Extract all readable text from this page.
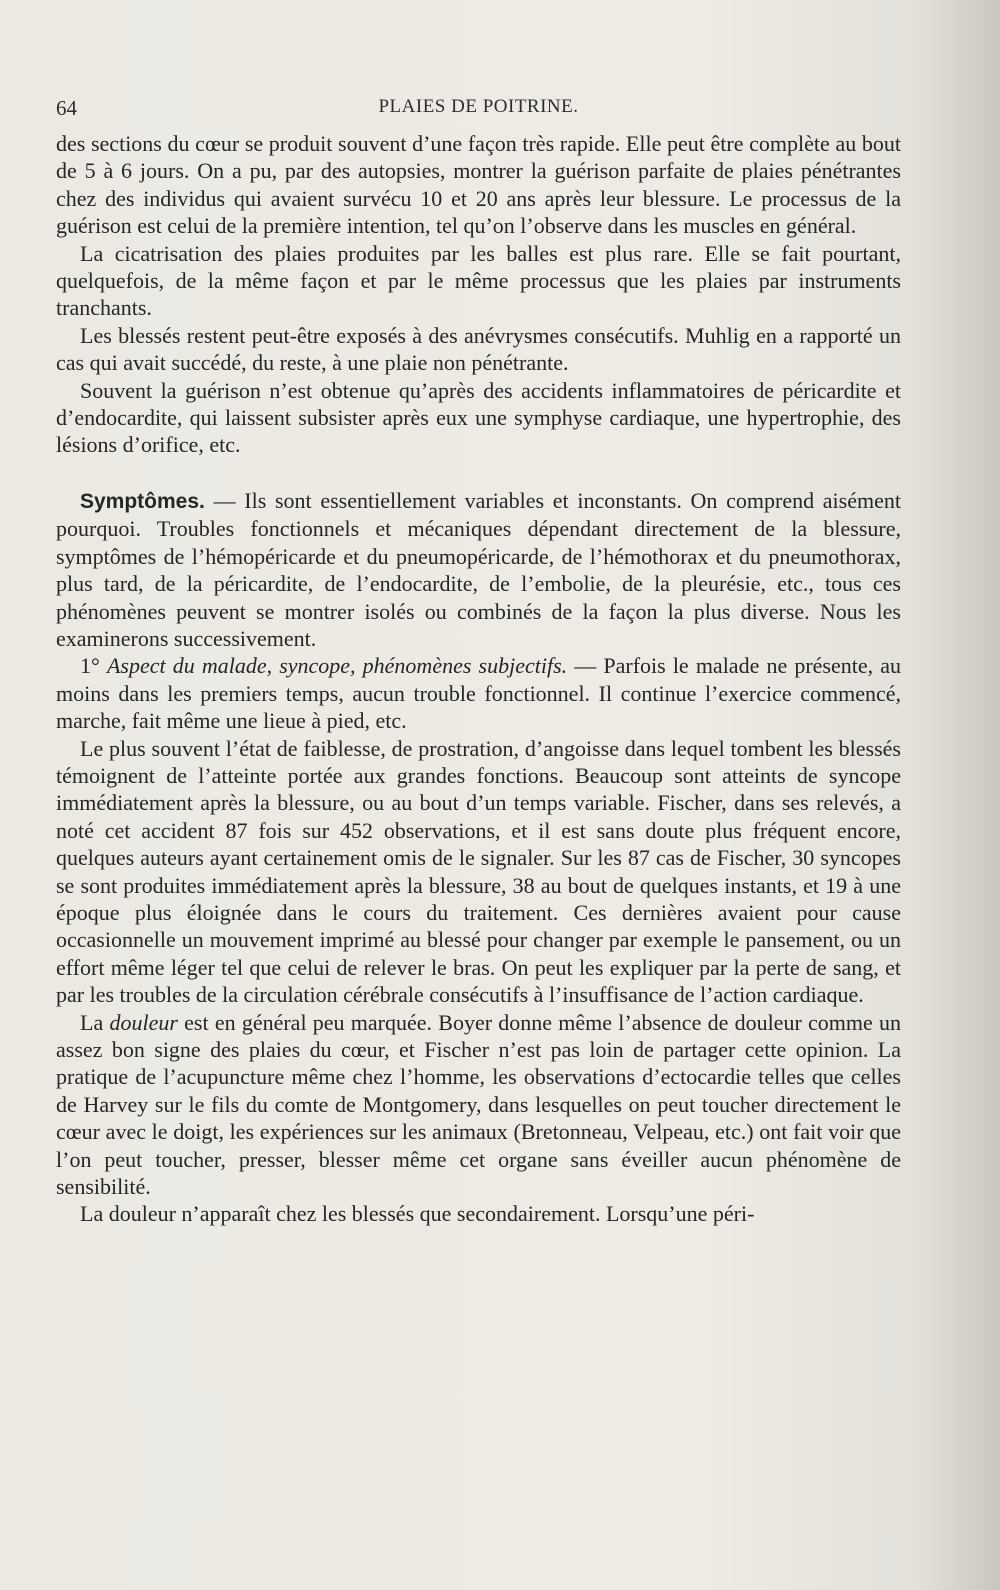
64	PLAIES DE POITRINE.

des sections du cœur se produit souvent d’une façon très rapide. Elle peut être complète au bout de 5 à 6 jours. On a pu, par des autopsies, montrer la guérison parfaite de plaies pénétrantes chez des individus qui avaient survécu 10 et 20 ans après leur blessure. Le processus de la guérison est celui de la première intention, tel qu’on l’observe dans les muscles en général.

La cicatrisation des plaies produites par les balles est plus rare. Elle se fait pourtant, quelquefois, de la même façon et par le même processus que les plaies par instruments tranchants.

Les blessés restent peut-être exposés à des anévrysmes consécutifs. Muhlig en a rapporté un cas qui avait succédé, du reste, à une plaie non pénétrante.

Souvent la guérison n’est obtenue qu’après des accidents inflammatoires de péricardite et d’endocardite, qui laissent subsister après eux une symphyse cardiaque, une hypertrophie, des lésions d’orifice, etc.

Symptômes. — Ils sont essentiellement variables et inconstants. On comprend aisément pourquoi. Troubles fonctionnels et mécaniques dépendant directement de la blessure, symptômes de l’hémopéricarde et du pneumopéricarde, de l’hémothorax et du pneumothorax, plus tard, de la péricardite, de l’endocardite, de l’embolie, de la pleurésie, etc., tous ces phénomènes peuvent se montrer isolés ou combinés de la façon la plus diverse. Nous les examinerons successivement.

1° Aspect du malade, syncope, phénomènes subjectifs. — Parfois le malade ne présente, au moins dans les premiers temps, aucun trouble fonctionnel. Il continue l’exercice commencé, marche, fait même une lieue à pied, etc.

Le plus souvent l’état de faiblesse, de prostration, d’angoisse dans lequel tombent les blessés témoignent de l’atteinte portée aux grandes fonctions. Beaucoup sont atteints de syncope immédiatement après la blessure, ou au bout d’un temps variable. Fischer, dans ses relevés, a noté cet accident 87 fois sur 452 observations, et il est sans doute plus fréquent encore, quelques auteurs ayant certainement omis de le signaler. Sur les 87 cas de Fischer, 30 syncopes se sont produites immédiatement après la blessure, 38 au bout de quelques instants, et 19 à une époque plus éloignée dans le cours du traitement. Ces dernières avaient pour cause occasionnelle un mouvement imprimé au blessé pour changer par exemple le pansement, ou un effort même léger tel que celui de relever le bras. On peut les expliquer par la perte de sang, et par les troubles de la circulation cérébrale consécutifs à l’insuffisance de l’action cardiaque.

La douleur est en général peu marquée. Boyer donne même l’absence de douleur comme un assez bon signe des plaies du cœur, et Fischer n’est pas loin de partager cette opinion. La pratique de l’acupuncture même chez l’homme, les observations d’ectocardie telles que celles de Harvey sur le fils du comte de Montgomery, dans lesquelles on peut toucher directement le cœur avec le doigt, les expériences sur les animaux (Bretonneau, Velpeau, etc.) ont fait voir que l’on peut toucher, presser, blesser même cet organe sans éveiller aucun phénomène de sensibilité.

La douleur n’apparaît chez les blessés que secondairement. Lorsqu’une péri-
